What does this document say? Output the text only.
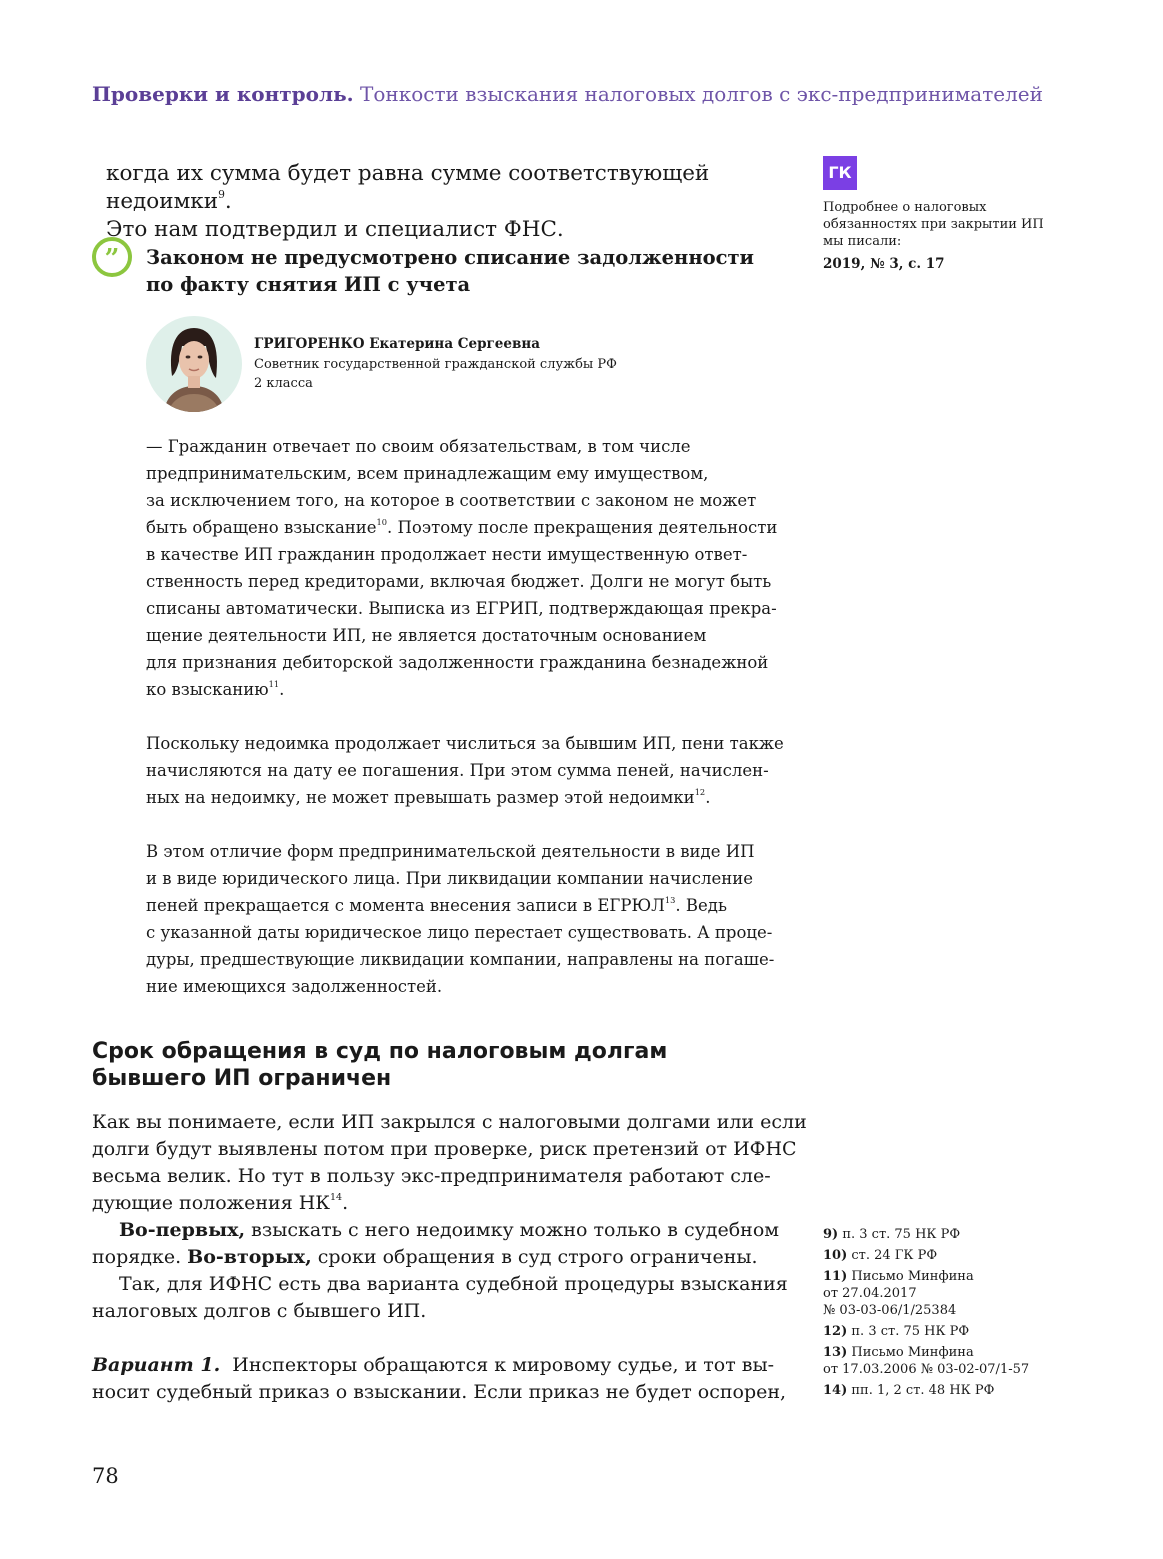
Проверки и контроль. Тонкости взыскания налоговых долгов с экс-предпринимателей
когда их сумма будет равна сумме соответствующей недоимки$^9$.
Это нам подтвердил и специалист ФНС.
” Законом не предусмотрено списание задолженности
по факту снятия ИП с учета
ГРИГОРЕНКО Екатерина Сергеевна
Советник государственной гражданской службы РФ
2 класса

— Гражданин отвечает по своим обязательствам, в том числе
предпринимательским, всем принадлежащим ему имуществом,
за исключением того, на которое в соответствии с законом не может
быть обращено взыскание$^{10}$. Поэтому после прекращения деятельности
в качестве ИП гражданин продолжает нести имущественную ответ-
ственность перед кредиторами, включая бюджет. Долги не могут быть
списаны автоматически. Выписка из ЕГРИП, подтверждающая прекра-
щение деятельности ИП, не является достаточным основанием
для признания дебиторской задолженности гражданина безнадежной
ко взысканию$^{11}$.

Поскольку недоимка продолжает числиться за бывшим ИП, пени также
начисляются на дату ее погашения. При этом сумма пеней, начислен-
ных на недоимку, не может превышать размер этой недоимки$^{12}$.

В этом отличие форм предпринимательской деятельности в виде ИП
и в виде юридического лица. При ликвидации компании начисление
пеней прекращается с момента внесения записи в ЕГРЮЛ$^{13}$. Ведь
с указанной даты юридическое лицо перестает существовать. А проце-
дуры, предшествующие ликвидации компании, направлены на погаше-
ние имеющихся задолженностей.

Срок обращения в суд по налоговым долгам
бывшего ИП ограничен
Как вы понимаете, если ИП закрылся с налоговыми долгами или если
долги будут выявлены потом при проверке, риск претензий от ИФНС
весьма велик. Но тут в пользу экс-предпринимателя работают сле-
дующие положения НК$^{14}$.
Во-первых, взыскать с него недоимку можно только в судебном
порядке. Во-вторых, сроки обращения в суд строго ограничены.
Так, для ИФНС есть два варианта судебной процедуры взыскания
налоговых долгов с бывшего ИП.
Вариант 1. Инспекторы обращаются к мировому судье, и тот вы-
носит судебный приказ о взыскании. Если приказ не будет оспорен,
ГК
Подробнее о налоговых
обязанностях при закрытии ИП
мы писали:
2019, № 3, с. 17
9) п. 3 ст. 75 НК РФ
10) ст. 24 ГК РФ
11) Письмо Минфина
от 27.04.2017
№ 03-03-06/1/25384
12) п. 3 ст. 75 НК РФ
13) Письмо Минфина
от 17.03.2006 № 03-02-07/1-57
14) пп. 1, 2 ст. 48 НК РФ
78
